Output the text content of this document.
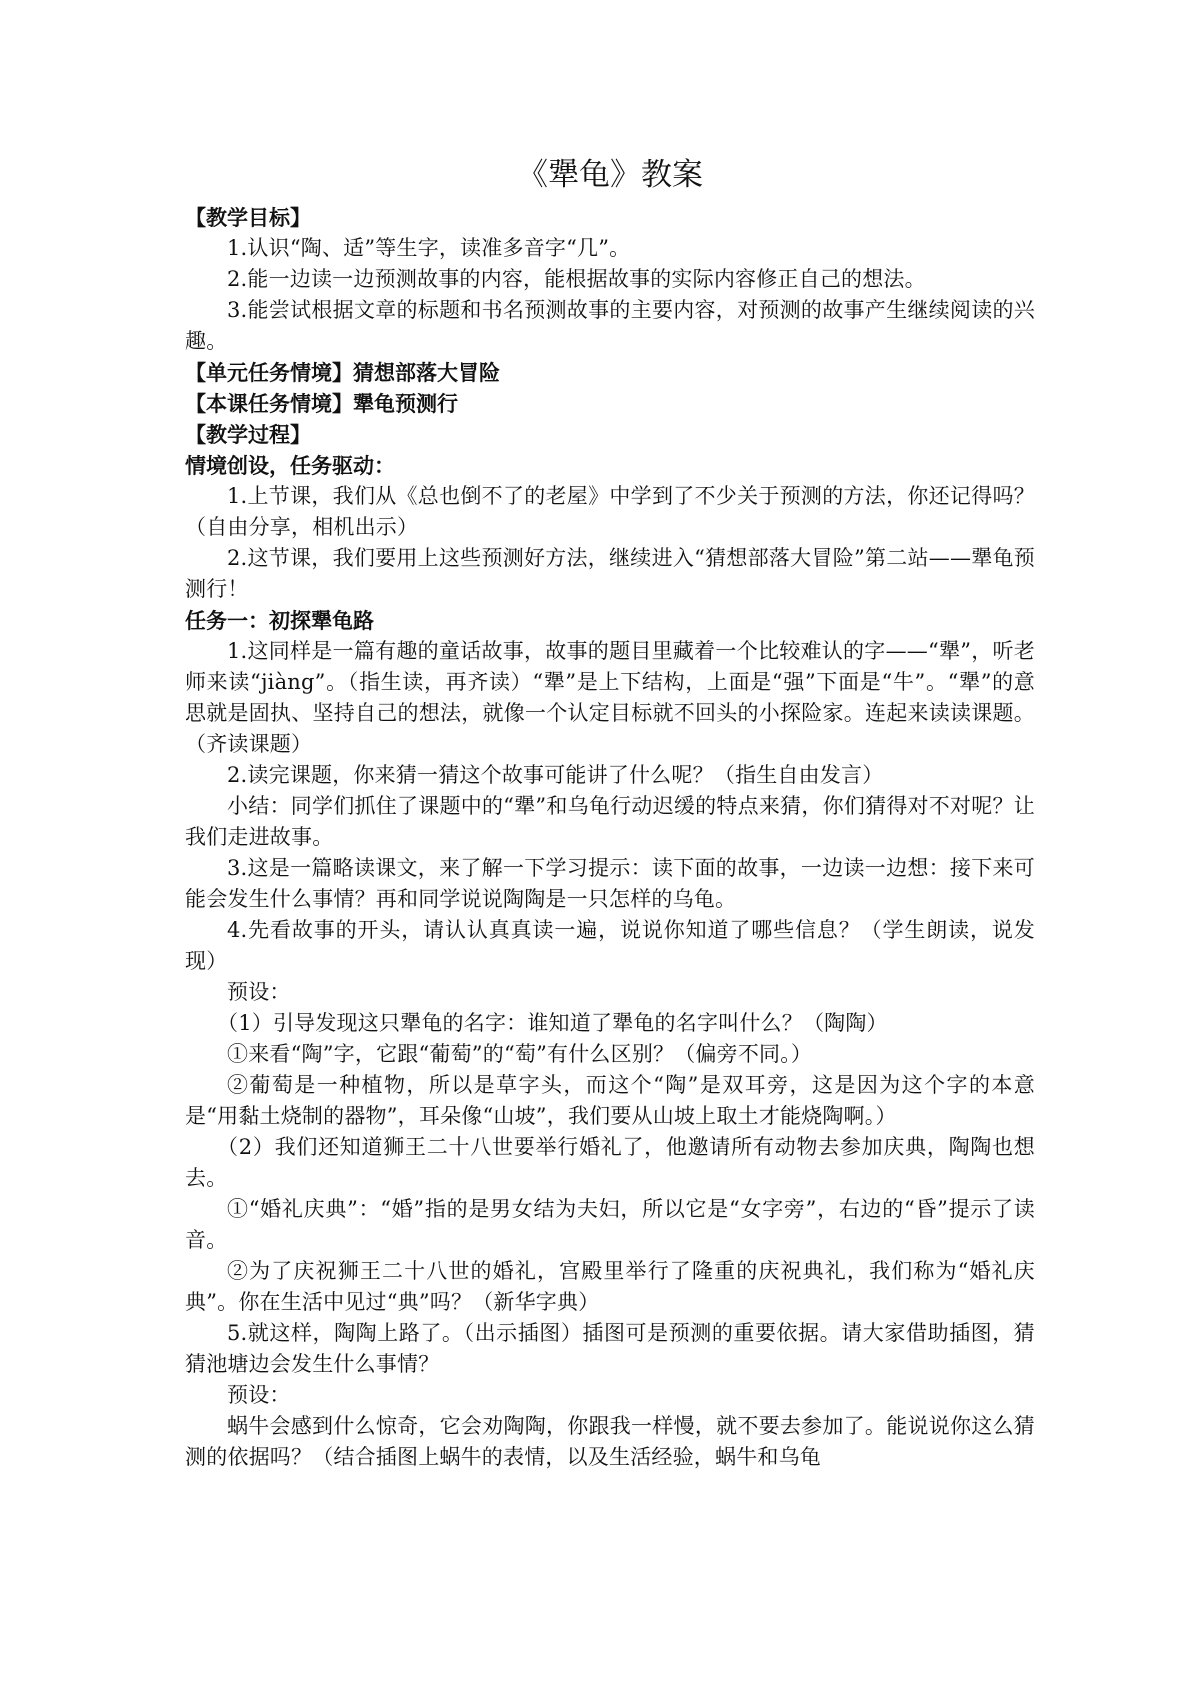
《犟龟》教案

【教学目标】

1.认识“陶、适”等生字，读准多音字“几”。

2.能一边读一边预测故事的内容，能根据故事的实际内容修正自己的想法。

3.能尝试根据文章的标题和书名预测故事的主要内容，对预测的故事产生继续阅读的兴趣。

【单元任务情境】猜想部落大冒险

【本课任务情境】犟龟预测行

【教学过程】

情境创设，任务驱动：

1.上节课，我们从《总也倒不了的老屋》中学到了不少关于预测的方法，你还记得吗？（自由分享，相机出示）

2.这节课，我们要用上这些预测好方法，继续进入“猜想部落大冒险”第二站——犟龟预测行！

任务一：初探犟龟路

1.这同样是一篇有趣的童话故事，故事的题目里藏着一个比较难认的字——“犟”，听老师来读“jiàng”。（指生读，再齐读）“犟”是上下结构，上面是“强”下面是“牛”。“犟”的意思就是固执、坚持自己的想法，就像一个认定目标就不回头的小探险家。连起来读读课题。（齐读课题）

2.读完课题，你来猜一猜这个故事可能讲了什么呢？（指生自由发言）

小结：同学们抓住了课题中的“犟”和乌龟行动迟缓的特点来猜，你们猜得对不对呢？让我们走进故事。

3.这是一篇略读课文，来了解一下学习提示：读下面的故事，一边读一边想：接下来可能会发生什么事情？再和同学说说陶陶是一只怎样的乌龟。

4.先看故事的开头，请认认真真读一遍，说说你知道了哪些信息？（学生朗读，说发现）

预设：

（1）引导发现这只犟龟的名字：谁知道了犟龟的名字叫什么？（陶陶）

①来看“陶”字，它跟“葡萄”的“萄”有什么区别？（偏旁不同。）

②葡萄是一种植物，所以是草字头，而这个“陶”是双耳旁，这是因为这个字的本意是“用黏土烧制的器物”，耳朵像“山坡”，我们要从山坡上取土才能烧陶啊。）

（2）我们还知道狮王二十八世要举行婚礼了，他邀请所有动物去参加庆典，陶陶也想去。

①“婚礼庆典”：“婚”指的是男女结为夫妇，所以它是“女字旁”，右边的“昏”提示了读音。

②为了庆祝狮王二十八世的婚礼，宫殿里举行了隆重的庆祝典礼，我们称为“婚礼庆典”。你在生活中见过“典”吗？（新华字典）

5.就这样，陶陶上路了。（出示插图）插图可是预测的重要依据。请大家借助插图，猜猜池塘边会发生什么事情？

预设：

蜗牛会感到什么惊奇，它会劝陶陶，你跟我一样慢，就不要去参加了。能说说你这么猜测的依据吗？（结合插图上蜗牛的表情，以及生活经验，蜗牛和乌龟
